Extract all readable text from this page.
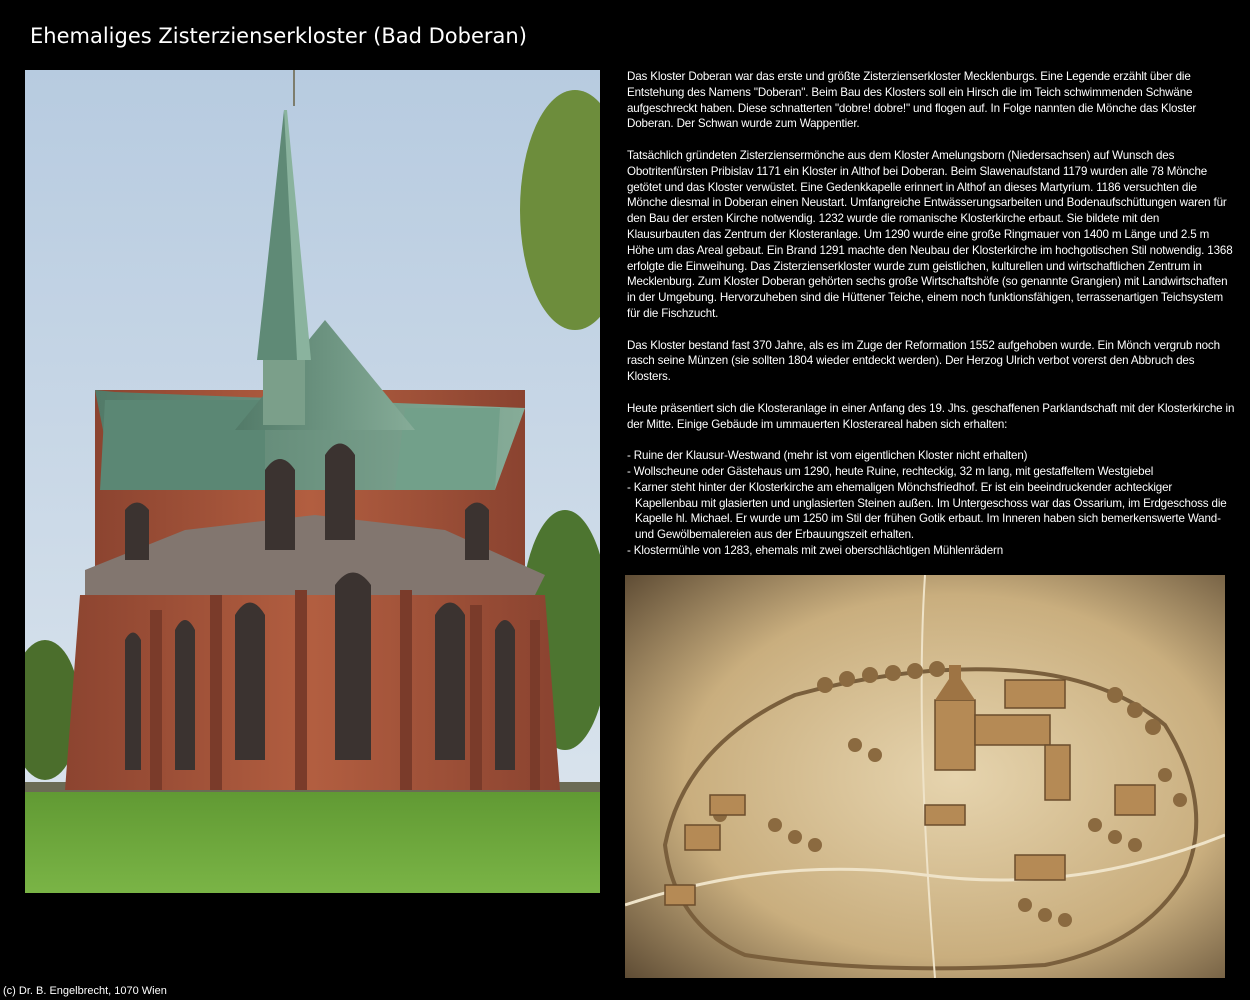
Ehemaliges Zisterzienserkloster (Bad Doberan)

Das Kloster Doberan war das erste und größte Zisterzienserkloster Mecklenburgs. Eine Legende erzählt über die Entstehung des Namens "Doberan". Beim Bau des Klosters soll ein Hirsch die im Teich schwimmenden Schwäne aufgeschreckt haben. Diese schnatterten "dobre! dobre!" und flogen auf. In Folge nannten die Mönche das Kloster Doberan. Der Schwan wurde zum Wappentier.

Tatsächlich gründeten Zisterziensermönche aus dem Kloster Amelungsborn (Niedersachsen) auf Wunsch des Obotritenfürsten Pribislav 1171 ein Kloster in Althof bei Doberan. Beim Slawenaufstand 1179 wurden alle 78 Mönche getötet und das Kloster verwüstet. Eine Gedenkkapelle erinnert in Althof an dieses Martyrium. 1186 versuchten die Mönche diesmal in Doberan einen Neustart. Umfangreiche Entwässerungsarbeiten und Bodenaufschüttungen waren für den Bau der ersten Kirche notwendig. 1232 wurde die romanische Klosterkirche erbaut. Sie bildete mit den Klausurbauten das Zentrum der Klosteranlage. Um 1290 wurde eine große Ringmauer von 1400 m Länge und 2.5 m Höhe um das Areal gebaut. Ein Brand 1291 machte den Neubau der Klosterkirche im hochgotischen Stil notwendig. 1368 erfolgte die Einweihung. Das Zisterzienserkloster wurde zum geistlichen, kulturellen und wirtschaftlichen Zentrum in Mecklenburg. Zum Kloster Doberan gehörten sechs große Wirtschaftshöfe (so genannte Grangien) mit Landwirtschaften in der Umgebung. Hervorzuheben sind die Hüttener Teiche, einem noch funktionsfähigen, terrassenartigen Teichsystem für die Fischzucht.

Das Kloster bestand fast 370 Jahre, als es im Zuge der Reformation 1552 aufgehoben wurde. Ein Mönch vergrub noch rasch seine Münzen (sie sollten 1804 wieder entdeckt werden). Der Herzog Ulrich verbot vorerst den Abbruch des Klosters.

Heute präsentiert sich die Klosteranlage in einer Anfang des 19. Jhs. geschaffenen Parklandschaft mit der Klosterkirche in der Mitte. Einige Gebäude im ummauerten Klosterareal haben sich erhalten:

- Ruine der Klausur-Westwand (mehr ist vom eigentlichen Kloster nicht erhalten)
- Wollscheune oder Gästehaus um 1290, heute Ruine, rechteckig, 32 m lang, mit gestaffeltem Westgiebel
- Karner steht hinter der Klosterkirche am ehemaligen Mönchsfriedhof. Er ist ein beeindruckender achteckiger Kapellenbau mit glasierten und unglasierten Steinen außen. Im Untergeschoss war das Ossarium, im Erdgeschoss die Kapelle hl. Michael. Er wurde um 1250 im Stil der frühen Gotik erbaut. Im Inneren haben sich bemerkenswerte Wand- und Gewölbemalereien aus der Erbauungszeit erhalten.
- Klostermühle von 1283, ehemals mit zwei oberschlächtigen Mühlenrädern
(c) Dr. B. Engelbrecht, 1070 Wien
